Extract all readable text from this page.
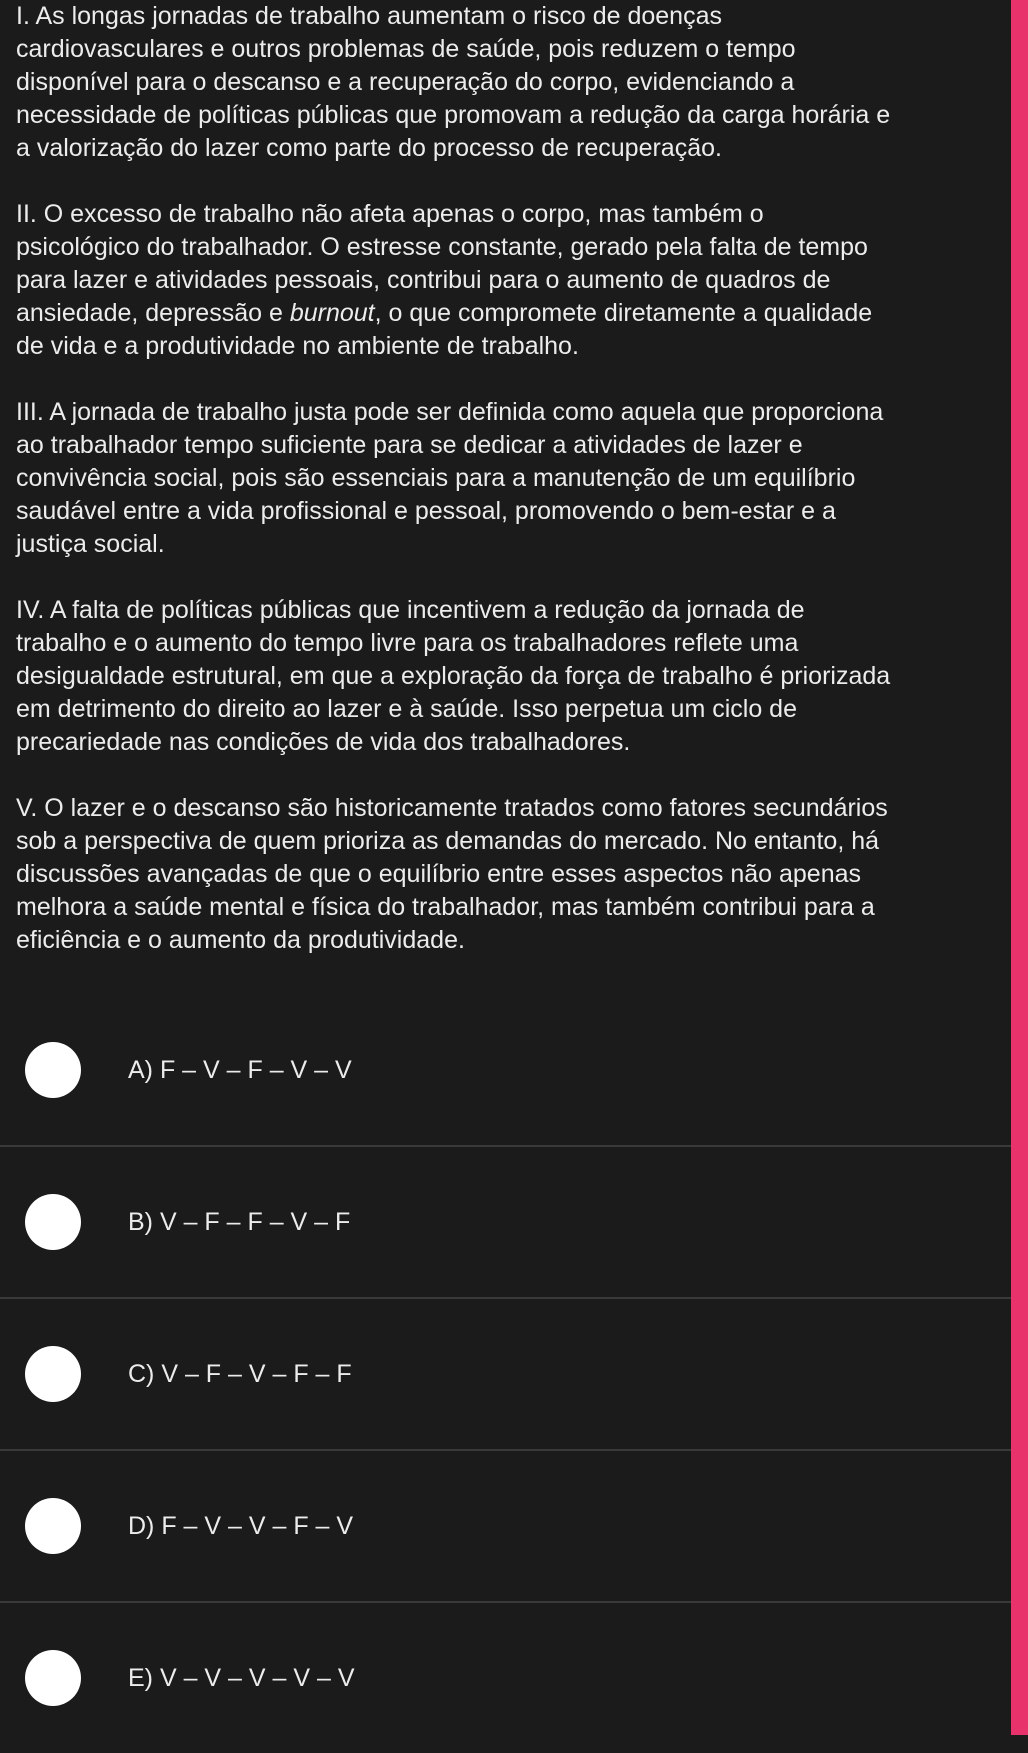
I. As longas jornadas de trabalho aumentam o risco de doenças
cardiovasculares e outros problemas de saúde, pois reduzem o tempo
disponível para o descanso e a recuperação do corpo, evidenciando a
necessidade de políticas públicas que promovam a redução da carga horária e
a valorização do lazer como parte do processo de recuperação.

II. O excesso de trabalho não afeta apenas o corpo, mas também o
psicológico do trabalhador. O estresse constante, gerado pela falta de tempo
para lazer e atividades pessoais, contribui para o aumento de quadros de
ansiedade, depressão e burnout, o que compromete diretamente a qualidade
de vida e a produtividade no ambiente de trabalho.

III. A jornada de trabalho justa pode ser definida como aquela que proporciona
ao trabalhador tempo suficiente para se dedicar a atividades de lazer e
convivência social, pois são essenciais para a manutenção de um equilíbrio
saudável entre a vida profissional e pessoal, promovendo o bem-estar e a
justiça social.

IV. A falta de políticas públicas que incentivem a redução da jornada de
trabalho e o aumento do tempo livre para os trabalhadores reflete uma
desigualdade estrutural, em que a exploração da força de trabalho é priorizada
em detrimento do direito ao lazer e à saúde. Isso perpetua um ciclo de
precariedade nas condições de vida dos trabalhadores.

V. O lazer e o descanso são historicamente tratados como fatores secundários
sob a perspectiva de quem prioriza as demandas do mercado. No entanto, há
discussões avançadas de que o equilíbrio entre esses aspectos não apenas
melhora a saúde mental e física do trabalhador, mas também contribui para a
eficiência e o aumento da produtividade.

A) F – V – F – V – V
B) V – F – F – V – F
C) V – F – V – F – F
D) F – V – V – F – V
E) V – V – V – V – V
